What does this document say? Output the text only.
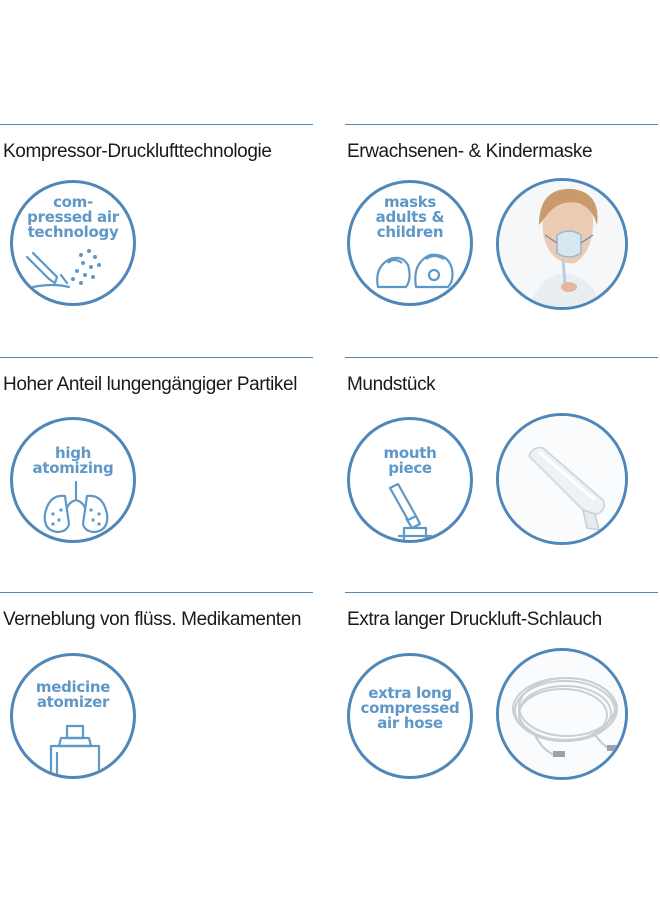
Kompressor-Drucklufttechnologie	Erwachsenen- & Kindermaske
com-
pressed air
technology
masks
adults &
children
Hoher Anteil lungengängiger Partikel	Mundstück
high
atomizing
mouth
piece
Verneblung von flüss. Medikamenten Extra langer Druckluft-Schlauch
medicine
atomizer	extra long
compressed
air hose
